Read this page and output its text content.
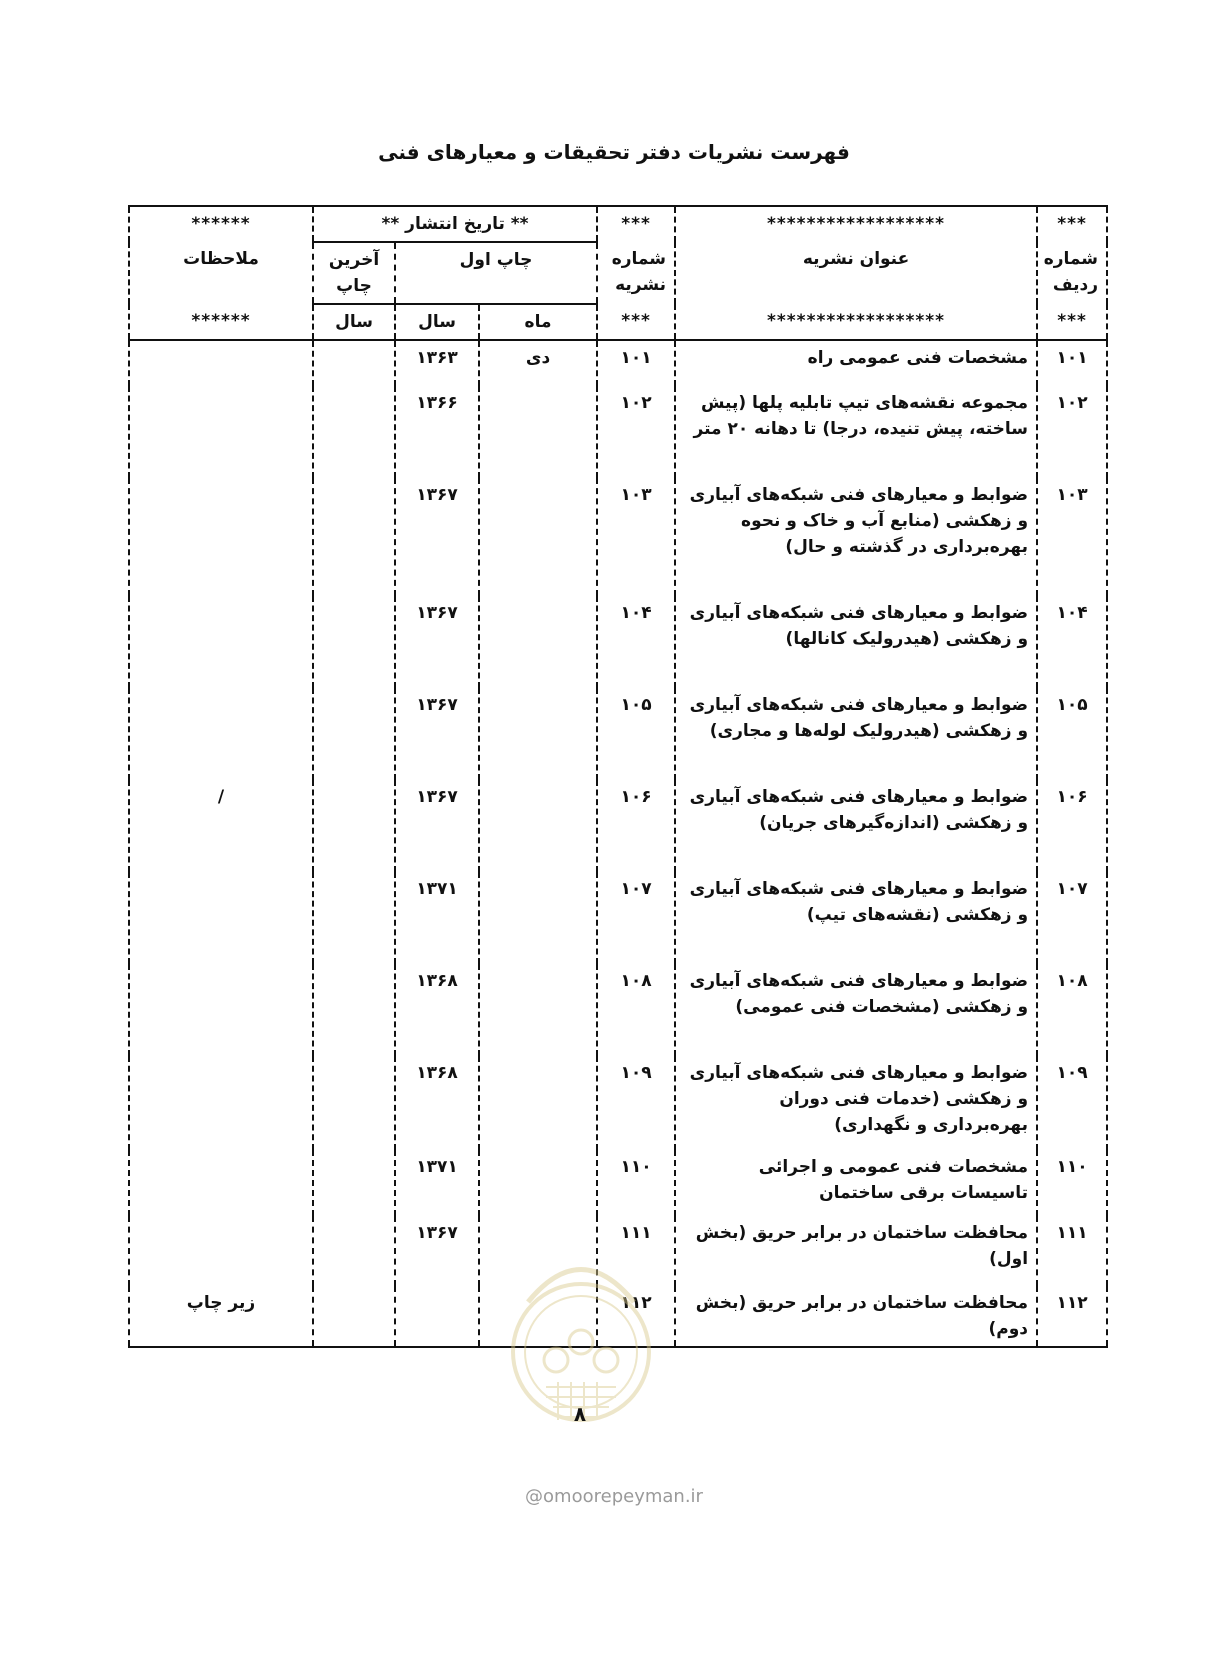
فهرست نشریات دفتر تحقیقات و معیارهای فنی
***	******************	***	** تاریخ انتشار **			******
شماره ردیف	عنوان نشریه	شماره نشریه	چاپ اول		آخرین چاپ	ملاحظات
***	******************	***	ماه	سال	سال	******
۱۰۱	مشخصات فنی عمومی راه	۱۰۱	دی	۱۳۶۳		
۱۰۲	مجموعه نقشه‌های تیپ تابلیه پلها (پیش ساخته، پیش تنیده، درجا) تا دهانه ۲۰ متر	۱۰۲		۱۳۶۶		
۱۰۳	ضوابط و معیارهای فنی شبکه‌های آبیاری و زهکشی (منابع آب و خاک و نحوه بهره‌برداری در گذشته و حال)	۱۰۳		۱۳۶۷		
۱۰۴	ضوابط و معیارهای فنی شبکه‌های آبیاری و زهکشی (هیدرولیک کانالها)	۱۰۴		۱۳۶۷		
۱۰۵	ضوابط و معیارهای فنی شبکه‌های آبیاری و زهکشی (هیدرولیک لوله‌ها و مجاری)	۱۰۵		۱۳۶۷		
۱۰۶	ضوابط و معیارهای فنی شبکه‌های آبیاری و زهکشی (اندازه‌گیرهای جریان)	۱۰۶		۱۳۶۷		/
۱۰۷	ضوابط و معیارهای فنی شبکه‌های آبیاری و زهکشی (نقشه‌های تیپ)	۱۰۷		۱۳۷۱		
۱۰۸	ضوابط و معیارهای فنی شبکه‌های آبیاری و زهکشی (مشخصات فنی عمومی)	۱۰۸		۱۳۶۸		
۱۰۹	ضوابط و معیارهای فنی شبکه‌های آبیاری و زهکشی (خدمات فنی دوران بهره‌برداری و نگهداری)	۱۰۹		۱۳۶۸		
۱۱۰	مشخصات فنی عمومی و اجرائی تاسیسات برقی ساختمان	۱۱۰		۱۳۷۱		
۱۱۱	محافظت ساختمان در برابر حریق (بخش اول)	۱۱۱		۱۳۶۷		
۱۱۲	محافظت ساختمان در برابر حریق (بخش دوم)	۱۱۲				زیر چاپ
۸
@omoorepeyman.ir
